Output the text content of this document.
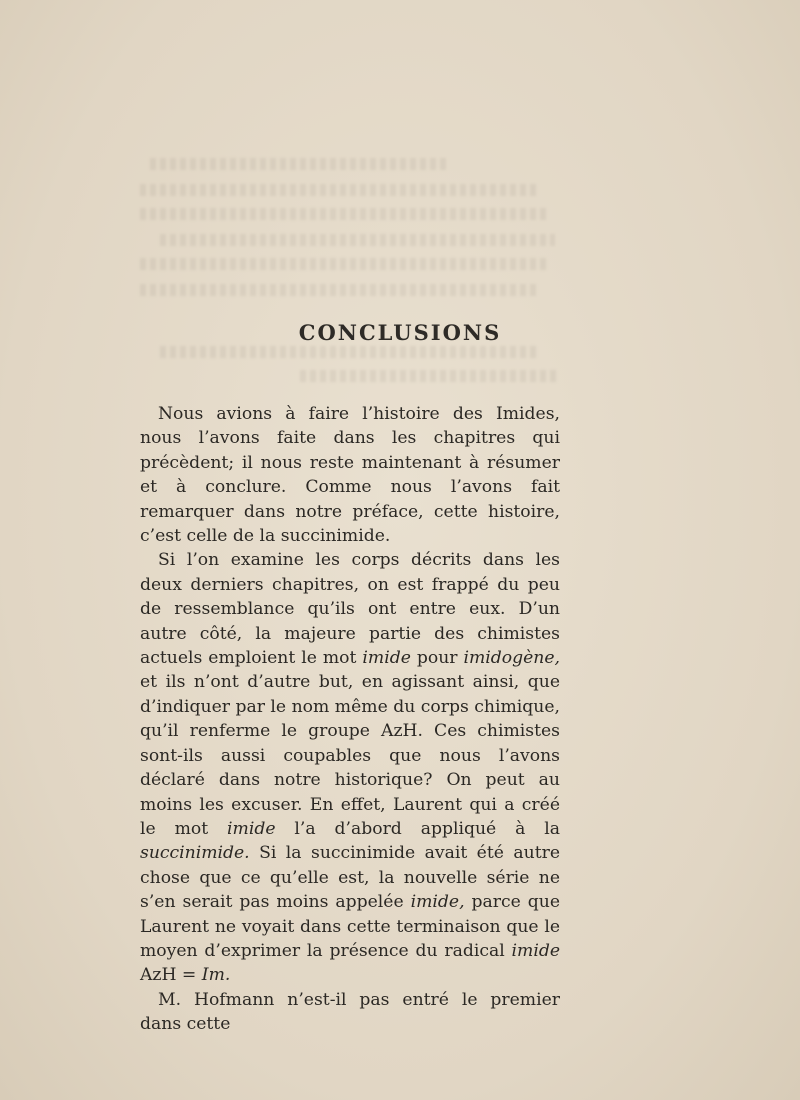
CONCLUSIONS

Nous avions à faire l’histoire des Imides, nous l’avons faite dans les chapitres qui précèdent; il nous reste maintenant à résumer et à conclure. Comme nous l’avons fait remarquer dans notre préface, cette histoire, c’est celle de la succinimide.

Si l’on examine les corps décrits dans les deux derniers chapitres, on est frappé du peu de ressemblance qu’ils ont entre eux. D’un autre côté, la majeure partie des chimistes actuels emploient le mot imide pour imidogène, et ils n’ont d’autre but, en agissant ainsi, que d’indiquer par le nom même du corps chimique, qu’il renferme le groupe AzH. Ces chimistes sont-ils aussi coupables que nous l’avons déclaré dans notre historique? On peut au moins les excuser. En effet, Laurent qui a créé le mot imide l’a d’abord appliqué à la succinimide. Si la succinimide avait été autre chose que ce qu’elle est, la nouvelle série ne s’en serait pas moins appelée imide, parce que Laurent ne voyait dans cette terminaison que le moyen d’exprimer la présence du radical imide AzH = Im.

M. Hofmann n’est-il pas entré le premier dans cette
